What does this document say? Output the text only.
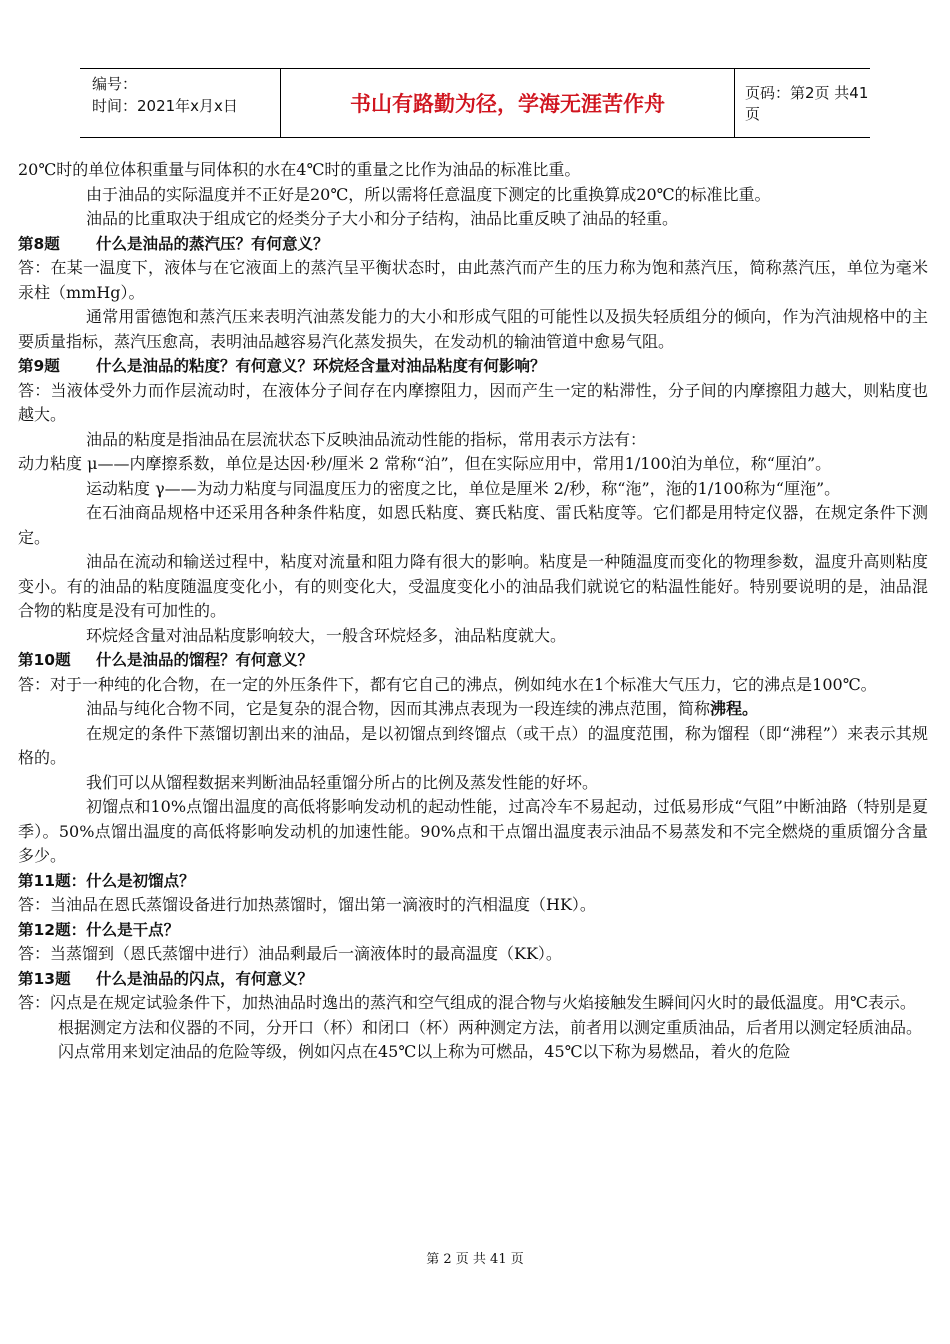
编号：
时间：2021年x月x日	书山有路勤为径，学海无涯苦作舟	页码：第2页 共41页

20℃时的单位体积重量与同体积的水在4℃时的重量之比作为油品的标准比重。

由于油品的实际温度并不正好是20℃，所以需将任意温度下测定的比重换算成20℃的标准比重。

油品的比重取决于组成它的烃类分子大小和分子结构，油品比重反映了油品的轻重。

第8题 什么是油品的蒸汽压？有何意义？

答：在某一温度下，液体与在它液面上的蒸汽呈平衡状态时，由此蒸汽而产生的压力称为饱和蒸汽压，简称蒸汽压，单位为毫米汞柱（mmHg）。

通常用雷德饱和蒸汽压来表明汽油蒸发能力的大小和形成气阻的可能性以及损失轻质组分的倾向，作为汽油规格中的主要质量指标，蒸汽压愈高，表明油品越容易汽化蒸发损失，在发动机的输油管道中愈易气阻。

第9题 什么是油品的粘度？有何意义？环烷烃含量对油品粘度有何影响？

答：当液体受外力而作层流动时，在液体分子间存在内摩擦阻力，因而产生一定的粘滞性，分子间的内摩擦阻力越大，则粘度也越大。

油品的粘度是指油品在层流状态下反映油品流动性能的指标，常用表示方法有：

动力粘度 μ——内摩擦系数，单位是达因·秒/厘米 2 常称“泊”，但在实际应用中，常用1/100泊为单位，称“厘泊”。

运动粘度 γ——为动力粘度与同温度压力的密度之比，单位是厘米 2/秒，称“沲”，沲的1/100称为“厘沲”。

在石油商品规格中还采用各种条件粘度，如恩氏粘度、赛氏粘度、雷氏粘度等。它们都是用特定仪器，在规定条件下测定。

油品在流动和输送过程中，粘度对流量和阻力降有很大的影响。粘度是一种随温度而变化的物理参数，温度升高则粘度变小。有的油品的粘度随温度变化小，有的则变化大，受温度变化小的油品我们就说它的粘温性能好。特别要说明的是，油品混合物的粘度是没有可加性的。

环烷烃含量对油品粘度影响较大，一般含环烷烃多，油品粘度就大。

第10题 什么是油品的馏程？有何意义？

答：对于一种纯的化合物，在一定的外压条件下，都有它自己的沸点，例如纯水在1个标准大气压力，它的沸点是100℃。

油品与纯化合物不同，它是复杂的混合物，因而其沸点表现为一段连续的沸点范围，简称沸程。

在规定的条件下蒸馏切割出来的油品，是以初馏点到终馏点（或干点）的温度范围，称为馏程（即“沸程”）来表示其规格的。

我们可以从馏程数据来判断油品轻重馏分所占的比例及蒸发性能的好坏。

初馏点和10%点馏出温度的高低将影响发动机的起动性能，过高冷车不易起动，过低易形成“气阻”中断油路（特别是夏季）。50%点馏出温度的高低将影响发动机的加速性能。90%点和干点馏出温度表示油品不易蒸发和不完全燃烧的重质馏分含量多少。

第11题：什么是初馏点？

答：当油品在恩氏蒸馏设备进行加热蒸馏时，馏出第一滴液时的汽相温度（HK）。

第12题：什么是干点？

答：当蒸馏到（恩氏蒸馏中进行）油品剩最后一滴液体时的最高温度（KK）。

第13题 什么是油品的闪点，有何意义？

答：闪点是在规定试验条件下，加热油品时逸出的蒸汽和空气组成的混合物与火焰接触发生瞬间闪火时的最低温度。用℃表示。

根据测定方法和仪器的不同，分开口（杯）和闭口（杯）两种测定方法，前者用以测定重质油品，后者用以测定轻质油品。

闪点常用来划定油品的危险等级，例如闪点在45℃以上称为可燃品，45℃以下称为易燃品，着火的危险

第 2 页 共 41 页
